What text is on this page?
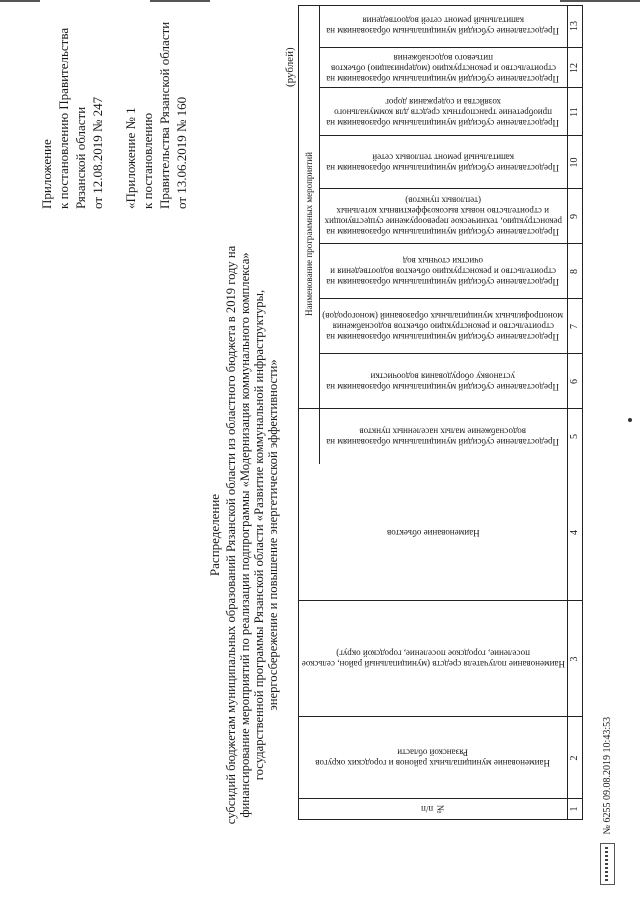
Приложение к постановлению Правительства Рязанской области от 12.08.2019 № 247 «Приложение № 1 к постановлению Правительства Рязанской области от 13.06.2019 № 160
Распределение субсидий бюджетам муниципальных образований Рязанской области из областного бюджета в 2019 году на финансирование мероприятий по реализации подпрограммы «Модернизация коммунального комплекса» государственной программы Рязанской области «Развитие коммунальной инфраструктуры, энергосбережение и повышение энергетической эффективности»
(рублей)
№ п/п
Наименование муниципальных районов и городских округов Рязанской области
Наименование получателя средств (муниципальный район, сельское поселение, городское поселение, городской округ)
Наименование объектов
Наименование программных мероприятий
Предоставление субсидий муниципальным образованиям на водоснабжение малых населенных пунктов
Предоставление субсидий муниципальным образованиям на установку оборудования водоочистки
Предоставление субсидий муниципальным образованиям на строительство и реконструкцию объектов водоснабжения монопрофильных муниципальных образований (моногородов)
Предоставление субсидий муниципальным образованиям на строительство и реконструкцию объектов водоотведения и очистки сточных вод
Предоставление субсидий муниципальным образованиям на реконструкцию, техническое перевооружение существующих и строительство новых высокоэффективных котельных (тепловых пунктов)
Предоставление субсидий муниципальным образованиям на капитальный ремонт тепловых сетей
Предоставление субсидий муниципальным образованиям на приобретение транспортных средств для коммунального хозяйства и содержания дорог
Предоставление субсидий муниципальным образованиям на строительство и реконструкцию (модернизацию) объектов питьевого водоснабжения
Предоставление субсидий муниципальным образованиям на капитальный ремонт сетей водоотведения
1
2
3
4
5
6
7
8
9
10
11
12
13
№ 6255 09.08.2019 10:43:53
